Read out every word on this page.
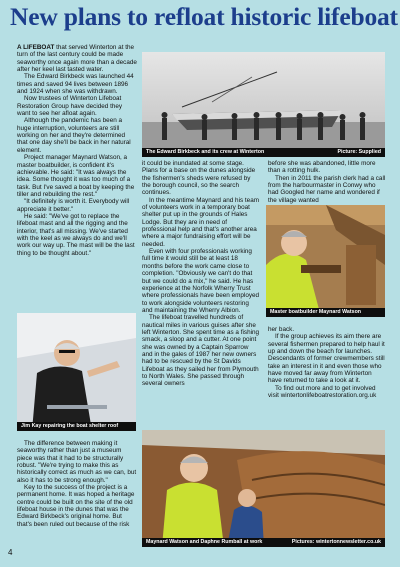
New plans to refloat historic lifeboat

A LIFEBOAT that served Winterton at the turn of the last century could be made seaworthy once again more than a decade after her keel last tasted water.

The Edward Birkbeck was launched 44 times and saved 94 lives between 1896 and 1924 when she was withdrawn.

Now trustees of Winterton Lifeboat Restoration Group have decided they want to see her afloat again.

Although the pandemic has been a huge interruption, volunteers are still working on her and they're determined that one day she'll be back in her natural element.

Project manager Maynard Watson, a master boatbuilder, is confident it's achievable. He said: "It was always the idea. Some thought it was too much of a task. But I've saved a boat by keeping the tiller and rebuilding the rest."

"It definitely is worth it. Everybody will appreciate it better."

He said: "We've got to replace the lifeboat mast and all the rigging and the interior, that's all missing. We've started with the keel as we always do and we'll work our way up. The mast will be the last thing to be thought about."

The Edward Birkbeck and its crew at Winterton	Picture: Supplied

it could be inundated at some stage. Plans for a base on the dunes alongside the fishermen's sheds were refused by the borough council, so the search continues.

In the meantime Maynard and his team of volunteers work in a temporary boat shelter put up in the grounds of Hales Lodge. But they are in need of professional help and that's another area where a major fundraising effort will be needed.

Even with four professionals working full time it would still be at least 18 months before the work came close to completion. "Obviously we can't do that but we could do a mix," he said. He has experience at the Norfolk Wherry Trust where professionals have been employed to work alongside volunteers restoring and maintaining the Wherry Albion.

The lifeboat travelled hundreds of nautical miles in various guises after she left Winterton. She spent time as a fishing smack, a sloop and a cutter. At one point she was owned by a Captain Sparrow and in the gales of 1987 her new owners had to be rescued by the St Davids Lifeboat as they sailed her from Plymouth to North Wales. She passed through several owners

before she was abandoned, little more than a rotting hulk.

Then in 2011 the parish clerk had a call from the harbourmaster in Conwy who had Googled her name and wondered if the village wanted

Master boatbuilder Maynard Watson

her back.

If the group achieves its aim there are several fishermen prepared to help haul it up and down the beach for launches. Descendants of former crewmembers still take an interest in it and even those who have moved far away from Winterton have returned to take a look at it.

To find out more and to get involved visit wintertonlifeboatrestoration.org.uk

Jim Kay repairing the boat shelter roof

The difference between making it seaworthy rather than just a museum piece was that it had to be structurally robust. "We're trying to make this as historically correct as much as we can, but also it has to be strong enough."

Key to the success of the project is a permanent home. It was hoped a heritage centre could be built on the site of the old lifeboat house in the dunes that was the Edward Birkbeck's original home. But that's been ruled out because of the risk

Maynard Watson and Daphne Rumball at work	Pictures: wintertonnewsletter.co.uk
4
